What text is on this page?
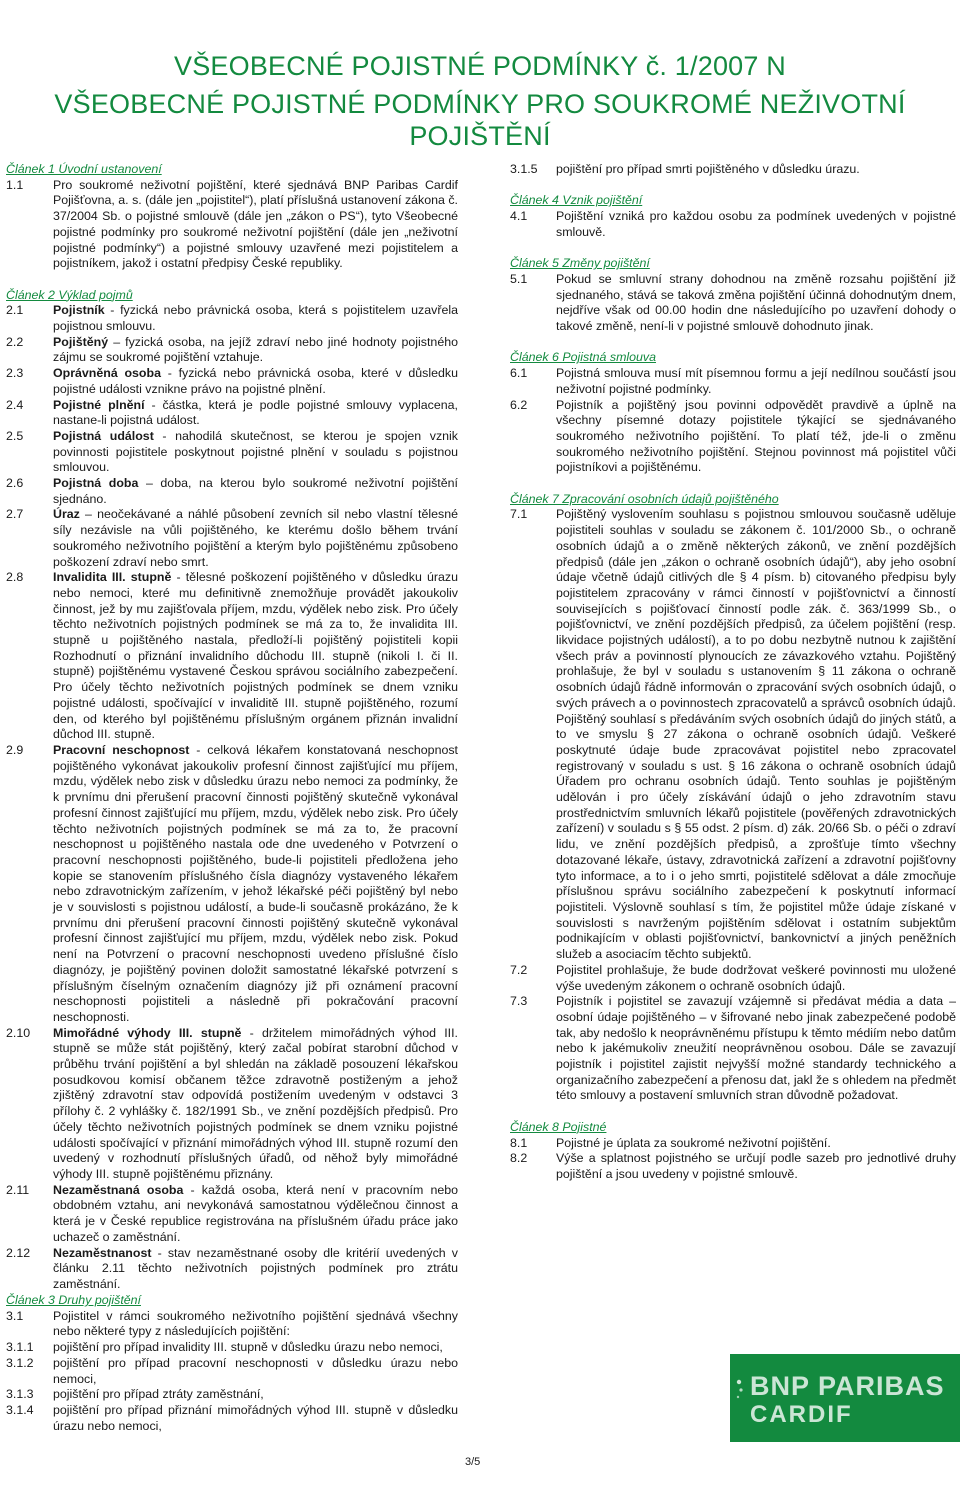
VŠEOBECNÉ POJISTNÉ PODMÍNKY č. 1/2007 N
VŠEOBECNÉ POJISTNÉ PODMÍNKY PRO SOUKROMÉ NEŽIVOTNÍ POJIŠTĚNÍ

Článek 1 Úvodní ustanovení

1.1	Pro soukromé neživotní pojištění, které sjednává BNP Paribas Cardif Pojišťovna, a. s. (dále jen „pojistitel“), platí příslušná ustanovení zákona č. 37/2004 Sb. o pojistné smlouvě (dále jen „zákon o PS“), tyto Všeobecné pojistné podmínky pro soukromé neživotní pojištění (dále jen „neživotní pojistné podmínky“) a pojistné smlouvy uzavřené mezi pojistitelem a pojistníkem, jakož i ostatní předpisy České republiky.

Článek 2 Výklad pojmů

2.1	Pojistník - fyzická nebo právnická osoba, která s pojistitelem uzavřela pojistnou smlouvu.
2.2	Pojištěný – fyzická osoba, na jejíž zdraví nebo jiné hodnoty pojistného zájmu se soukromé pojištění vztahuje.
2.3	Oprávněná osoba - fyzická nebo právnická osoba, které v důsledku pojistné události vznikne právo na pojistné plnění.
2.4	Pojistné plnění - částka, která je podle pojistné smlouvy vyplacena, nastane-li pojistná událost.
2.5	Pojistná událost - nahodilá skutečnost, se kterou je spojen vznik povinnosti pojistitele poskytnout pojistné plnění v souladu s pojistnou smlouvou.
2.6	Pojistná doba – doba, na kterou bylo soukromé neživotní pojištění sjednáno.
2.7	Úraz – neočekávané a náhlé působení zevních sil nebo vlastní tělesné síly nezávisle na vůli pojištěného, ke kterému došlo během trvání soukromého neživotního pojištění a kterým bylo pojištěnému způsobeno poškození zdraví nebo smrt.
2.8	Invalidita III. stupně - tělesné poškození pojištěného v důsledku úrazu nebo nemoci, které mu definitivně znemožňuje provádět jakoukoliv činnost, jež by mu zajišťovala příjem, mzdu, výdělek nebo zisk. Pro účely těchto neživotních pojistných podmínek se má za to, že invalidita III. stupně u pojištěného nastala, předloží-li pojištěný pojistiteli kopii Rozhodnutí o přiznání invalidního důchodu III. stupně (nikoli I. či II. stupně) pojištěnému vystavené Českou správou sociálního zabezpečení. Pro účely těchto neživotních pojistných podmínek se dnem vzniku pojistné události, spočívající v invaliditě III. stupně pojištěného, rozumí den, od kterého byl pojištěnému příslušným orgánem přiznán invalidní důchod III. stupně.
2.9	Pracovní neschopnost - celková lékařem konstatovaná neschopnost pojištěného vykonávat jakoukoliv profesní činnost zajišťující mu příjem, mzdu, výdělek nebo zisk v důsledku úrazu nebo nemoci za podmínky, že k prvnímu dni přerušení pracovní činnosti pojištěný skutečně vykonával profesní činnost zajišťující mu příjem, mzdu, výdělek nebo zisk. Pro účely těchto neživotních pojistných podmínek se má za to, že pracovní neschopnost u pojištěného nastala ode dne uvedeného v Potvrzení o pracovní neschopnosti pojištěného, bude-li pojistiteli předložena jeho kopie se stanovením příslušného čísla diagnózy vystaveného lékařem nebo zdravotnickým zařízením, v jehož lékařské péči pojištěný byl nebo je v souvislosti s pojistnou událostí, a bude-li současně prokázáno, že k prvnímu dni přerušení pracovní činnosti pojištěný skutečně vykonával profesní činnost zajišťující mu příjem, mzdu, výdělek nebo zisk. Pokud není na Potvrzení o pracovní neschopnosti uvedeno příslušné číslo diagnózy, je pojištěný povinen doložit samostatné lékařské potvrzení s příslušným číselným označením diagnózy již při oznámení pracovní neschopnosti pojistiteli a následně při pokračování pracovní neschopnosti.
2.10	Mimořádné výhody III. stupně - držitelem mimořádných výhod III. stupně se může stát pojištěný, který začal pobírat starobní důchod v průběhu trvání pojištění a byl shledán na základě posouzení lékařskou posudkovou komisí občanem těžce zdravotně postiženým a jehož zjištěný zdravotní stav odpovídá postižením uvedeným v odstavci 3 přílohy č. 2 vyhlášky č. 182/1991 Sb., ve znění pozdějších předpisů. Pro účely těchto neživotních pojistných podmínek se dnem vzniku pojistné události spočívající v přiznání mimořádných výhod III. stupně rozumí den uvedený v rozhodnutí příslušných úřadů, od něhož byly mimořádné výhody III. stupně pojištěnému přiznány.
2.11	Nezaměstnaná osoba - každá osoba, která není v pracovním nebo obdobném vztahu, ani nevykonává samostatnou výdělečnou činnost a která je v České republice registrována na příslušném úřadu práce jako uchazeč o zaměstnání.
2.12	Nezaměstnanost - stav nezaměstnané osoby dle kritérií uvedených v článku 2.11 těchto neživotních pojistných podmínek pro ztrátu zaměstnání.

Článek 3 Druhy pojištění

3.1	Pojistitel v rámci soukromého neživotního pojištění sjednává všechny nebo některé typy z následujících pojištění:
3.1.1	pojištění pro případ invalidity III. stupně v důsledku úrazu nebo nemoci,
3.1.2	pojištění pro případ pracovní neschopnosti v důsledku úrazu nebo nemoci,
3.1.3	pojištění pro případ ztráty zaměstnání,
3.1.4	pojištění pro případ přiznání mimořádných výhod III. stupně v důsledku úrazu nebo nemoci,
3.1.5	pojištění pro případ smrti pojištěného v důsledku úrazu.

Článek 4 Vznik pojištění

4.1	Pojištění vzniká pro každou osobu za podmínek uvedených v pojistné smlouvě.

Článek 5 Změny pojištění

5.1	Pokud se smluvní strany dohodnou na změně rozsahu pojištění již sjednaného, stává se taková změna pojištění účinná dohodnutým dnem, nejdříve však od 00.00 hodin dne následujícího po uzavření dohody o takové změně, není-li v pojistné smlouvě dohodnuto jinak.

Článek 6 Pojistná smlouva

6.1	Pojistná smlouva musí mít písemnou formu a její nedílnou součástí jsou neživotní pojistné podmínky.
6.2	Pojistník a pojištěný jsou povinni odpovědět pravdivě a úplně na všechny písemné dotazy pojistitele týkající se sjednávaného soukromého neživotního pojištění. To platí též, jde-li o změnu soukromého neživotního pojištění. Stejnou povinnost má pojistitel vůči pojistníkovi a pojištěnému.

Článek 7 Zpracování osobních údajů pojištěného

7.1	Pojištěný vyslovením souhlasu s pojistnou smlouvou současně uděluje pojistiteli souhlas v souladu se zákonem č. 101/2000 Sb., o ochraně osobních údajů a o změně některých zákonů, ve znění pozdějších předpisů (dále jen „zákon o ochraně osobních údajů“), aby jeho osobní údaje včetně údajů citlivých dle § 4 písm. b) citovaného předpisu byly pojistitelem zpracovány v rámci činností v pojišťovnictví a činností souvisejících s pojišťovací činností podle zák. č. 363/1999 Sb., o pojišťovnictví, ve znění pozdějších předpisů, za účelem pojištění (resp. likvidace pojistných událostí), a to po dobu nezbytně nutnou k zajištění všech práv a povinností plynoucích ze závazkového vztahu. Pojištěný prohlašuje, že byl v souladu s ustanovením § 11 zákona o ochraně osobních údajů řádně informován o zpracování svých osobních údajů, o svých právech a o povinnostech zpracovatelů a správců osobních údajů. Pojištěný souhlasí s předáváním svých osobních údajů do jiných států, a to ve smyslu § 27 zákona o ochraně osobních údajů. Veškeré poskytnuté údaje bude zpracovávat pojistitel nebo zpracovatel registrovaný v souladu s ust. § 16 zákona o ochraně osobních údajů Úřadem pro ochranu osobních údajů. Tento souhlas je pojištěným udělován i pro účely získávání údajů o jeho zdravotním stavu prostřednictvím smluvních lékařů pojistitele (pověřených zdravotnických zařízení) v souladu s § 55 odst. 2 písm. d) zák. 20/66 Sb. o péči o zdraví lidu, ve znění pozdějších předpisů, a zprošťuje tímto všechny dotazované lékaře, ústavy, zdravotnická zařízení a zdravotní pojišťovny tyto informace, a to i o jeho smrti, pojistitelé sdělovat a dále zmocňuje příslušnou správu sociálního zabezpečení k poskytnutí informací pojistiteli. Výslovně souhlasí s tím, že pojistitel může údaje získané v souvislosti s navrženým pojištěním sdělovat i ostatním subjektům podnikajícím v oblasti pojišťovnictví, bankovnictví a jiných peněžních služeb a asociacím těchto subjektů.
7.2	Pojistitel prohlašuje, že bude dodržovat veškeré povinnosti mu uložené výše uvedeným zákonem o ochraně osobních údajů.
7.3	Pojistník i pojistitel se zavazují vzájemně si předávat média a data – osobní údaje pojištěného – v šifrované nebo jinak zabezpečené podobě tak, aby nedošlo k neoprávněnému přístupu k těmto médiím nebo datům nebo k jakémukoliv zneužití neoprávněnou osobou. Dále se zavazují pojistník i pojistitel zajistit nejvyšší možné standardy technického a organizačního zabezpečení a přenosu dat, jakl že s ohledem na předmět této smlouvy a postavení smluvních stran důvodně požadovat.

Článek 8 Pojistné

8.1	Pojistné je úplata za soukromé neživotní pojištění.
8.2	Výše a splatnost pojistného se určují podle sazeb pro jednotlivé druhy pojištění a jsou uvedeny v pojistné smlouvě.
BNP PARIBAS
CARDIF
3/5
